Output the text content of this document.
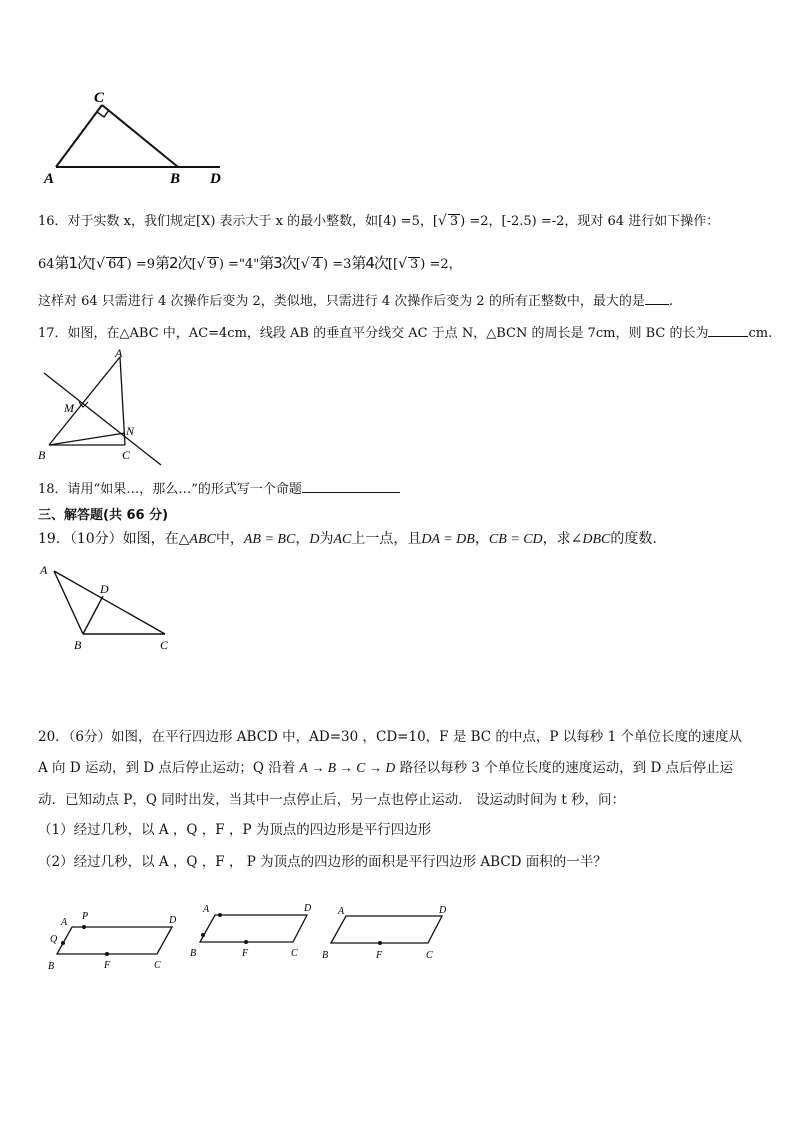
C
A	B D
16．对于实数 x，我们规定[X) 表示大于 x 的最小整数，如[4) =5，[√ 3 ) =2，[-2.5) =-2，现对 64 进行如下操作：
64第1次[√ 64 ) =9第2次[√ 9 ) ="4"第3次[√ 4 ) =3第4次[[√ 3 ) =2，
这样对 64 只需进行 4 次操作后变为 2，类似地，只需进行 4 次操作后变为 2 的所有正整数中，最大的是 .
17．如图，在△ABC 中，AC=4cm，线段 AB 的垂直平分线交 AC 于点 N，△BCN 的周长是 7cm，则 BC 的长为	cm.
A
M
N
B	C
18．请用“如果…，那么…”的形式写一个命题
三、解答题(共 66 分)
19．（10分）如图，在△ABC中，AB = BC，D为AC上一点，且DA = DB，CB = CD，求∠DBC的度数.
A
D
B	C
20．（6分）如图，在平行四边形 ABCD 中，AD=30 ，CD=10，F 是 BC 的中点，P 以每秒 1 个单位长度的速度从
A 向 D 运动，到 D 点后停止运动；Q 沿着 A → B → C → D 路径以每秒 3 个单位长度的速度运动，到 D 点后停止运
动．已知动点 P，Q 同时出发，当其中一点停止后，另一点也停止运动． 设运动时间为 t 秒，问：
（1）经过几秒，以 A ，Q ，F ，P 为顶点的四边形是平行四边形
（2）经过几秒，以 A ，Q ，F ， P 为顶点的四边形的面积是平行四边形 ABCD 面积的一半？
A
P	D
Q
B	F	C
A	D
B	F	C
A	D
B	F	C
